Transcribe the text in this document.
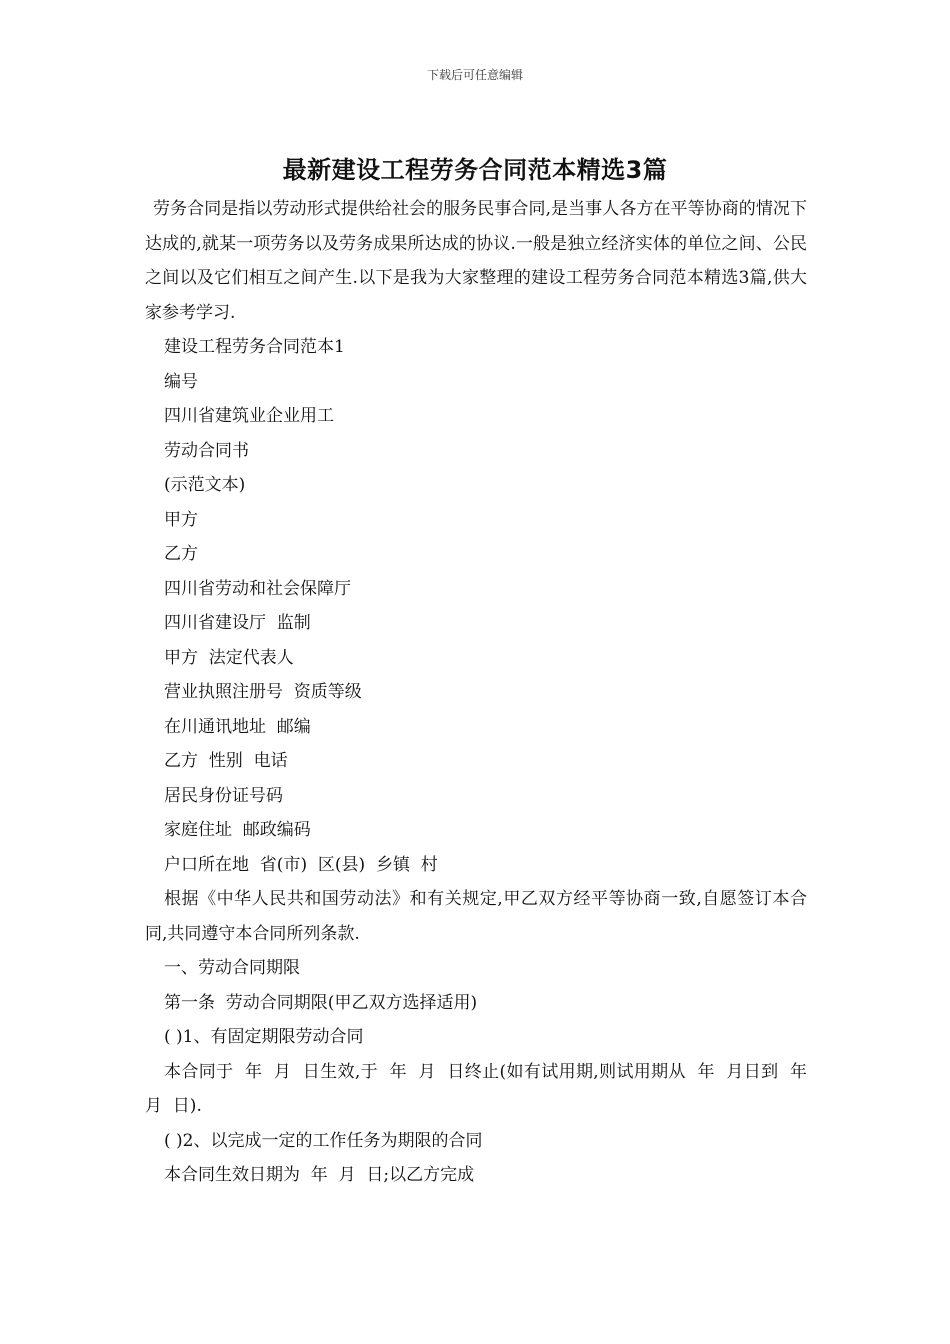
下载后可任意编辑
最新建设工程劳务合同范本精选3篇

劳务合同是指以劳动形式提供给社会的服务民事合同,是当事人各方在平等协商的情况下达成的,就某一项劳务以及劳务成果所达成的协议.一般是独立经济实体的单位之间、公民之间以及它们相互之间产生.以下是我为大家整理的建设工程劳务合同范本精选3篇,供大家参考学习.

建设工程劳务合同范本1

编号

四川省建筑业企业用工

劳动合同书

(示范文本)

甲方

乙方

四川省劳动和社会保障厅

四川省建设厅  监制

甲方  法定代表人

营业执照注册号  资质等级

在川通讯地址  邮编

乙方  性别  电话

居民身份证号码

家庭住址  邮政编码

户口所在地  省(市)  区(县)  乡镇  村

根据《中华人民共和国劳动法》和有关规定,甲乙双方经平等协商一致,自愿签订本合同,共同遵守本合同所列条款.

一、劳动合同期限

第一条  劳动合同期限(甲乙双方选择适用)

( )1、有固定期限劳动合同

本合同于  年  月  日生效,于  年  月  日终止(如有试用期,则试用期从  年  月日到  年  月  日).

( )2、以完成一定的工作任务为期限的合同

本合同生效日期为  年  月  日;以乙方完成
